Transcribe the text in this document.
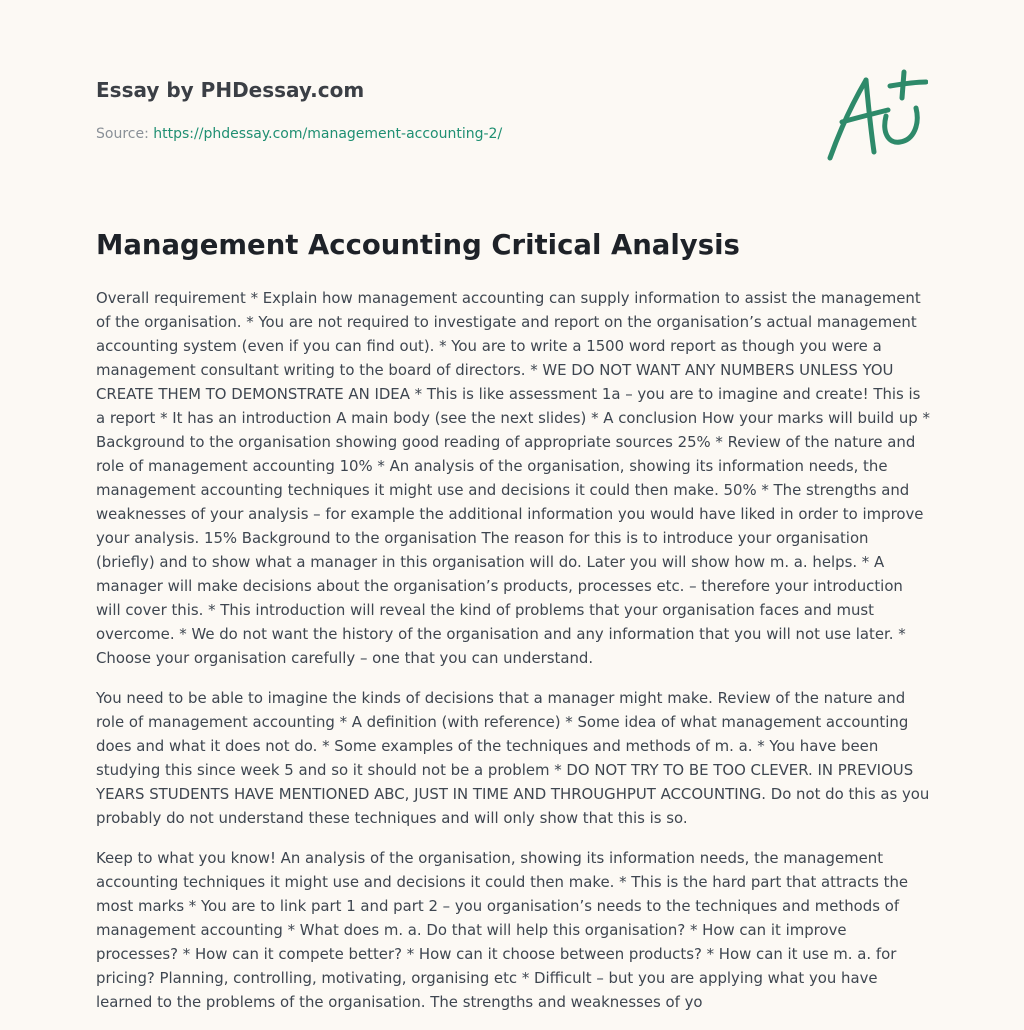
Essay by PHDessay.com
Source: https://phdessay.com/management-accounting-2/
Management Accounting Critical Analysis

Overall requirement * Explain how management accounting can supply information to assist the management of the organisation. * You are not required to investigate and report on the organisation’s actual management accounting system (even if you can find out). * You are to write a 1500 word report as though you were a management consultant writing to the board of directors. * WE DO NOT WANT ANY NUMBERS UNLESS YOU CREATE THEM TO DEMONSTRATE AN IDEA * This is like assessment 1a – you are to imagine and create! This is a report * It has an introduction A main body (see the next slides) * A conclusion How your marks will build up * Background to the organisation showing good reading of appropriate sources 25% * Review of the nature and role of management accounting 10% * An analysis of the organisation, showing its information needs, the management accounting techniques it might use and decisions it could then make. 50% * The strengths and weaknesses of your analysis – for example the additional information you would have liked in order to improve your analysis. 15% Background to the organisation The reason for this is to introduce your organisation (briefly) and to show what a manager in this organisation will do. Later you will show how m. a. helps. * A manager will make decisions about the organisation’s products, processes etc. – therefore your introduction will cover this. * This introduction will reveal the kind of problems that your organisation faces and must overcome. * We do not want the history of the organisation and any information that you will not use later. * Choose your organisation carefully – one that you can understand.

You need to be able to imagine the kinds of decisions that a manager might make. Review of the nature and role of management accounting * A definition (with reference) * Some idea of what management accounting does and what it does not do. * Some examples of the techniques and methods of m. a. * You have been studying this since week 5 and so it should not be a problem * DO NOT TRY TO BE TOO CLEVER. IN PREVIOUS YEARS STUDENTS HAVE MENTIONED ABC, JUST IN TIME AND THROUGHPUT ACCOUNTING. Do not do this as you probably do not understand these techniques and will only show that this is so.

Keep to what you know! An analysis of the organisation, showing its information needs, the management accounting techniques it might use and decisions it could then make. * This is the hard part that attracts the most marks * You are to link part 1 and part 2 – you organisation’s needs to the techniques and methods of management accounting * What does m. a. Do that will help this organisation? * How can it improve processes? * How can it compete better? * How can it choose between products? * How can it use m. a. for pricing? Planning, controlling, motivating, organising etc * Difficult – but you are applying what you have learned to the problems of the organisation. The strengths and weaknesses of yo
